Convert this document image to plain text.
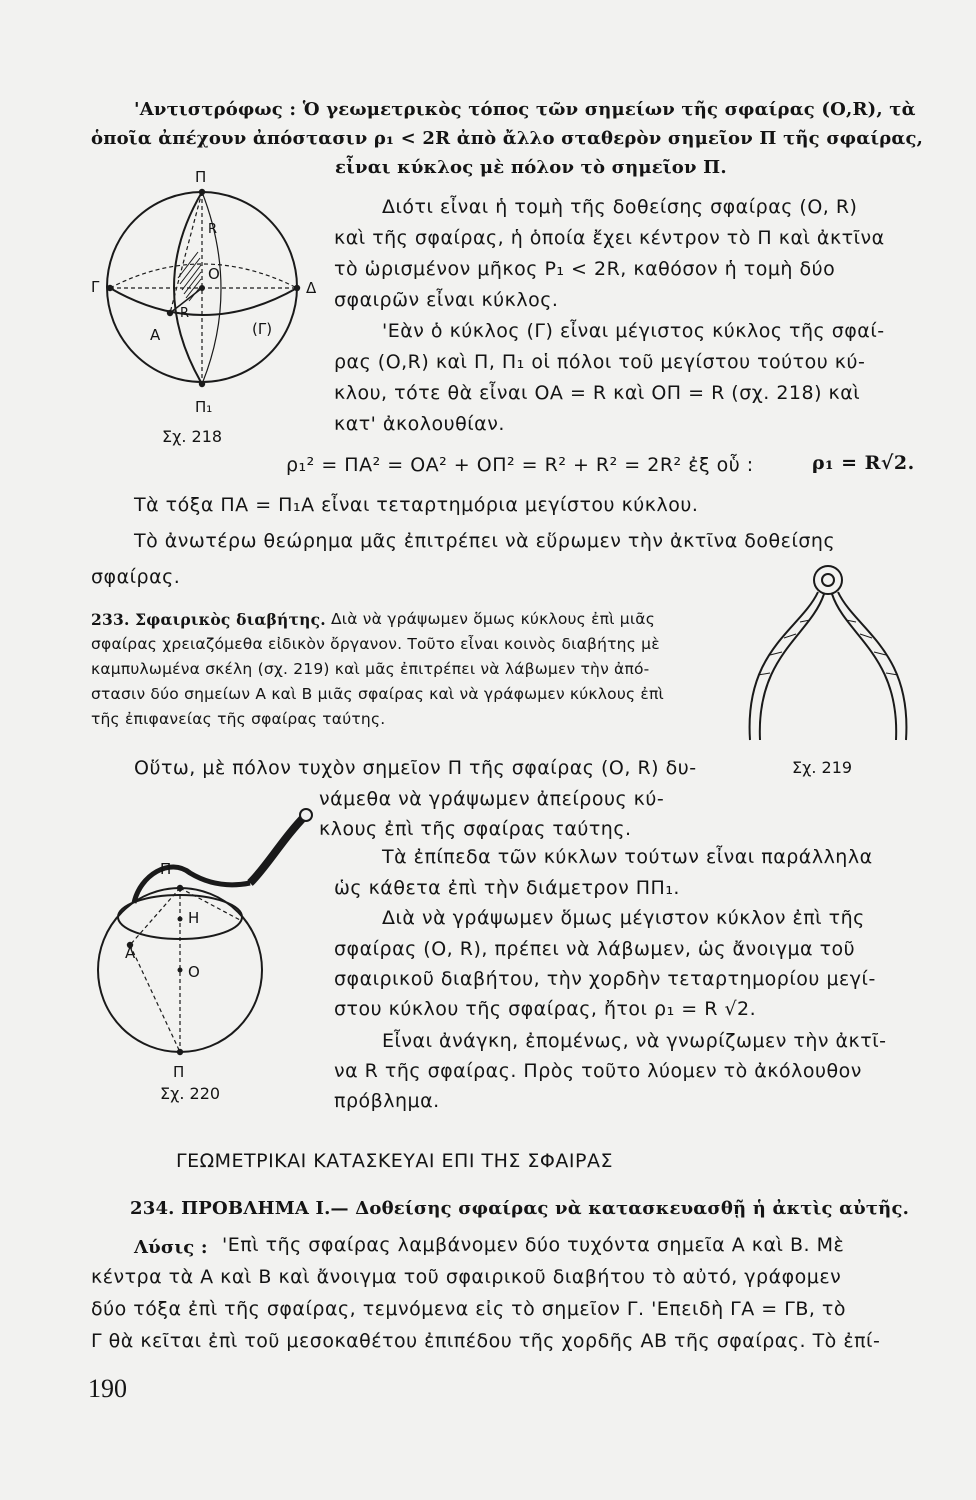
'Αντιστρόφως : Ὁ γεωμετρικὸς τόπος τῶν σημείων τῆς σφαίρας (Ο,R), τὰ
ὁποῖα ἀπέχουν ἀπόστασιν ρ₁ < 2R ἀπὸ ἄλλο σταθερὸν σημεῖον Π τῆς σφαίρας,
εἶναι κύκλος μὲ πόλον τὸ σημεῖον Π.
Π
Γ	Δ
R
Ο
R
Α	(Γ)
Π₁
Σχ. 218
Διότι εἶναι ἡ τομὴ τῆς δοθείσης σφαίρας (Ο, R)
καὶ τῆς σφαίρας, ἡ ὁποία ἔχει κέντρον τὸ Π καὶ ἀκτῖνα
τὸ ὡρισμένον μῆκος P₁ < 2R, καθόσον ἡ τομὴ δύο
σφαιρῶν εἶναι κύκλος.
'Εὰν ὁ κύκλος (Γ) εἶναι μέγιστος κύκλος τῆς σφαί-
ρας (Ο,R) καὶ Π, Π₁ οἱ πόλοι τοῦ μεγίστου τούτου κύ-
κλου, τότε θὰ εἶναι ΟΑ = R καὶ ΟΠ = R (σχ. 218) καὶ
κατ' ἀκολουθίαν.
ρ₁² = ΠΑ² = ΟΑ² + ΟΠ² = R² + R² = 2R² ἐξ οὗ :	ρ₁ = R√2.
Τὰ τόξα ΠΑ = Π₁Α εἶναι τεταρτημόρια μεγίστου κύκλου.
Τὸ ἀνωτέρω θεώρημα μᾶς ἐπιτρέπει νὰ εὕρωμεν τὴν ἀκτῖνα δοθείσης
σφαίρας.
233. Σφαιρικὸς διαβήτης. Διὰ νὰ γράψωμεν ὅμως κύκλους ἐπὶ μιᾶς
σφαίρας χρειαζόμεθα εἰδικὸν ὄργανον. Τοῦτο εἶναι κοινὸς διαβήτης μὲ
καμπυλωμένα σκέλη (σχ. 219) καὶ μᾶς ἐπιτρέπει νὰ λάβωμεν τὴν ἀπό-
στασιν δύο σημείων Α καὶ Β μιᾶς σφαίρας καὶ νὰ γράφωμεν κύκλους ἐπὶ
τῆς ἐπιφανείας τῆς σφαίρας ταύτης.
Σχ. 219
Οὕτω, μὲ πόλον τυχὸν σημεῖον Π τῆς σφαίρας (Ο, R) δυ-
νάμεθα νὰ γράψωμεν ἀπείρους κύ-
κλους ἐπὶ τῆς σφαίρας ταύτης.
Π
Η
Α
Ο
Π
Σχ. 220
Τὰ ἐπίπεδα τῶν κύκλων τούτων εἶναι παράλληλα
ὡς κάθετα ἐπὶ τὴν διάμετρον ΠΠ₁.
Διὰ νὰ γράψωμεν ὅμως μέγιστον κύκλον ἐπὶ τῆς
σφαίρας (Ο, R), πρέπει νὰ λάβωμεν, ὡς ἄνοιγμα τοῦ
σφαιρικοῦ διαβήτου, τὴν χορδὴν τεταρτημορίου μεγί-
στου κύκλου τῆς σφαίρας, ἤτοι ρ₁ = R √2.
Εἶναι ἀνάγκη, ἐπομένως, νὰ γνωρίζωμεν τὴν ἀκτῖ-
να R τῆς σφαίρας. Πρὸς τοῦτο λύομεν τὸ ἀκόλουθον
πρόβλημα.
ΓΕΩΜΕΤΡΙΚΑΙ ΚΑΤΑΣΚΕΥΑΙ ΕΠΙ ΤΗΣ ΣΦΑΙΡΑΣ
234. ΠΡΟΒΛΗΜΑ Ι.— Δοθείσης σφαίρας νὰ κατασκευασθῇ ἡ ἀκτὶς αὐτῆς.
Λύσις : 'Επὶ τῆς σφαίρας λαμβάνομεν δύο τυχόντα σημεῖα Α καὶ Β. Μὲ
κέντρα τὰ Α καὶ Β καὶ ἄνοιγμα τοῦ σφαιρικοῦ διαβήτου τὸ αὐτό, γράφομεν
δύο τόξα ἐπὶ τῆς σφαίρας, τεμνόμενα εἰς τὸ σημεῖον Γ. 'Επειδὴ ΓΑ = ΓΒ, τὸ
Γ θὰ κεῖται ἐπὶ τοῦ μεσοκαθέτου ἐπιπέδου τῆς χορδῆς ΑΒ τῆς σφαίρας. Τὸ ἐπί-
190
